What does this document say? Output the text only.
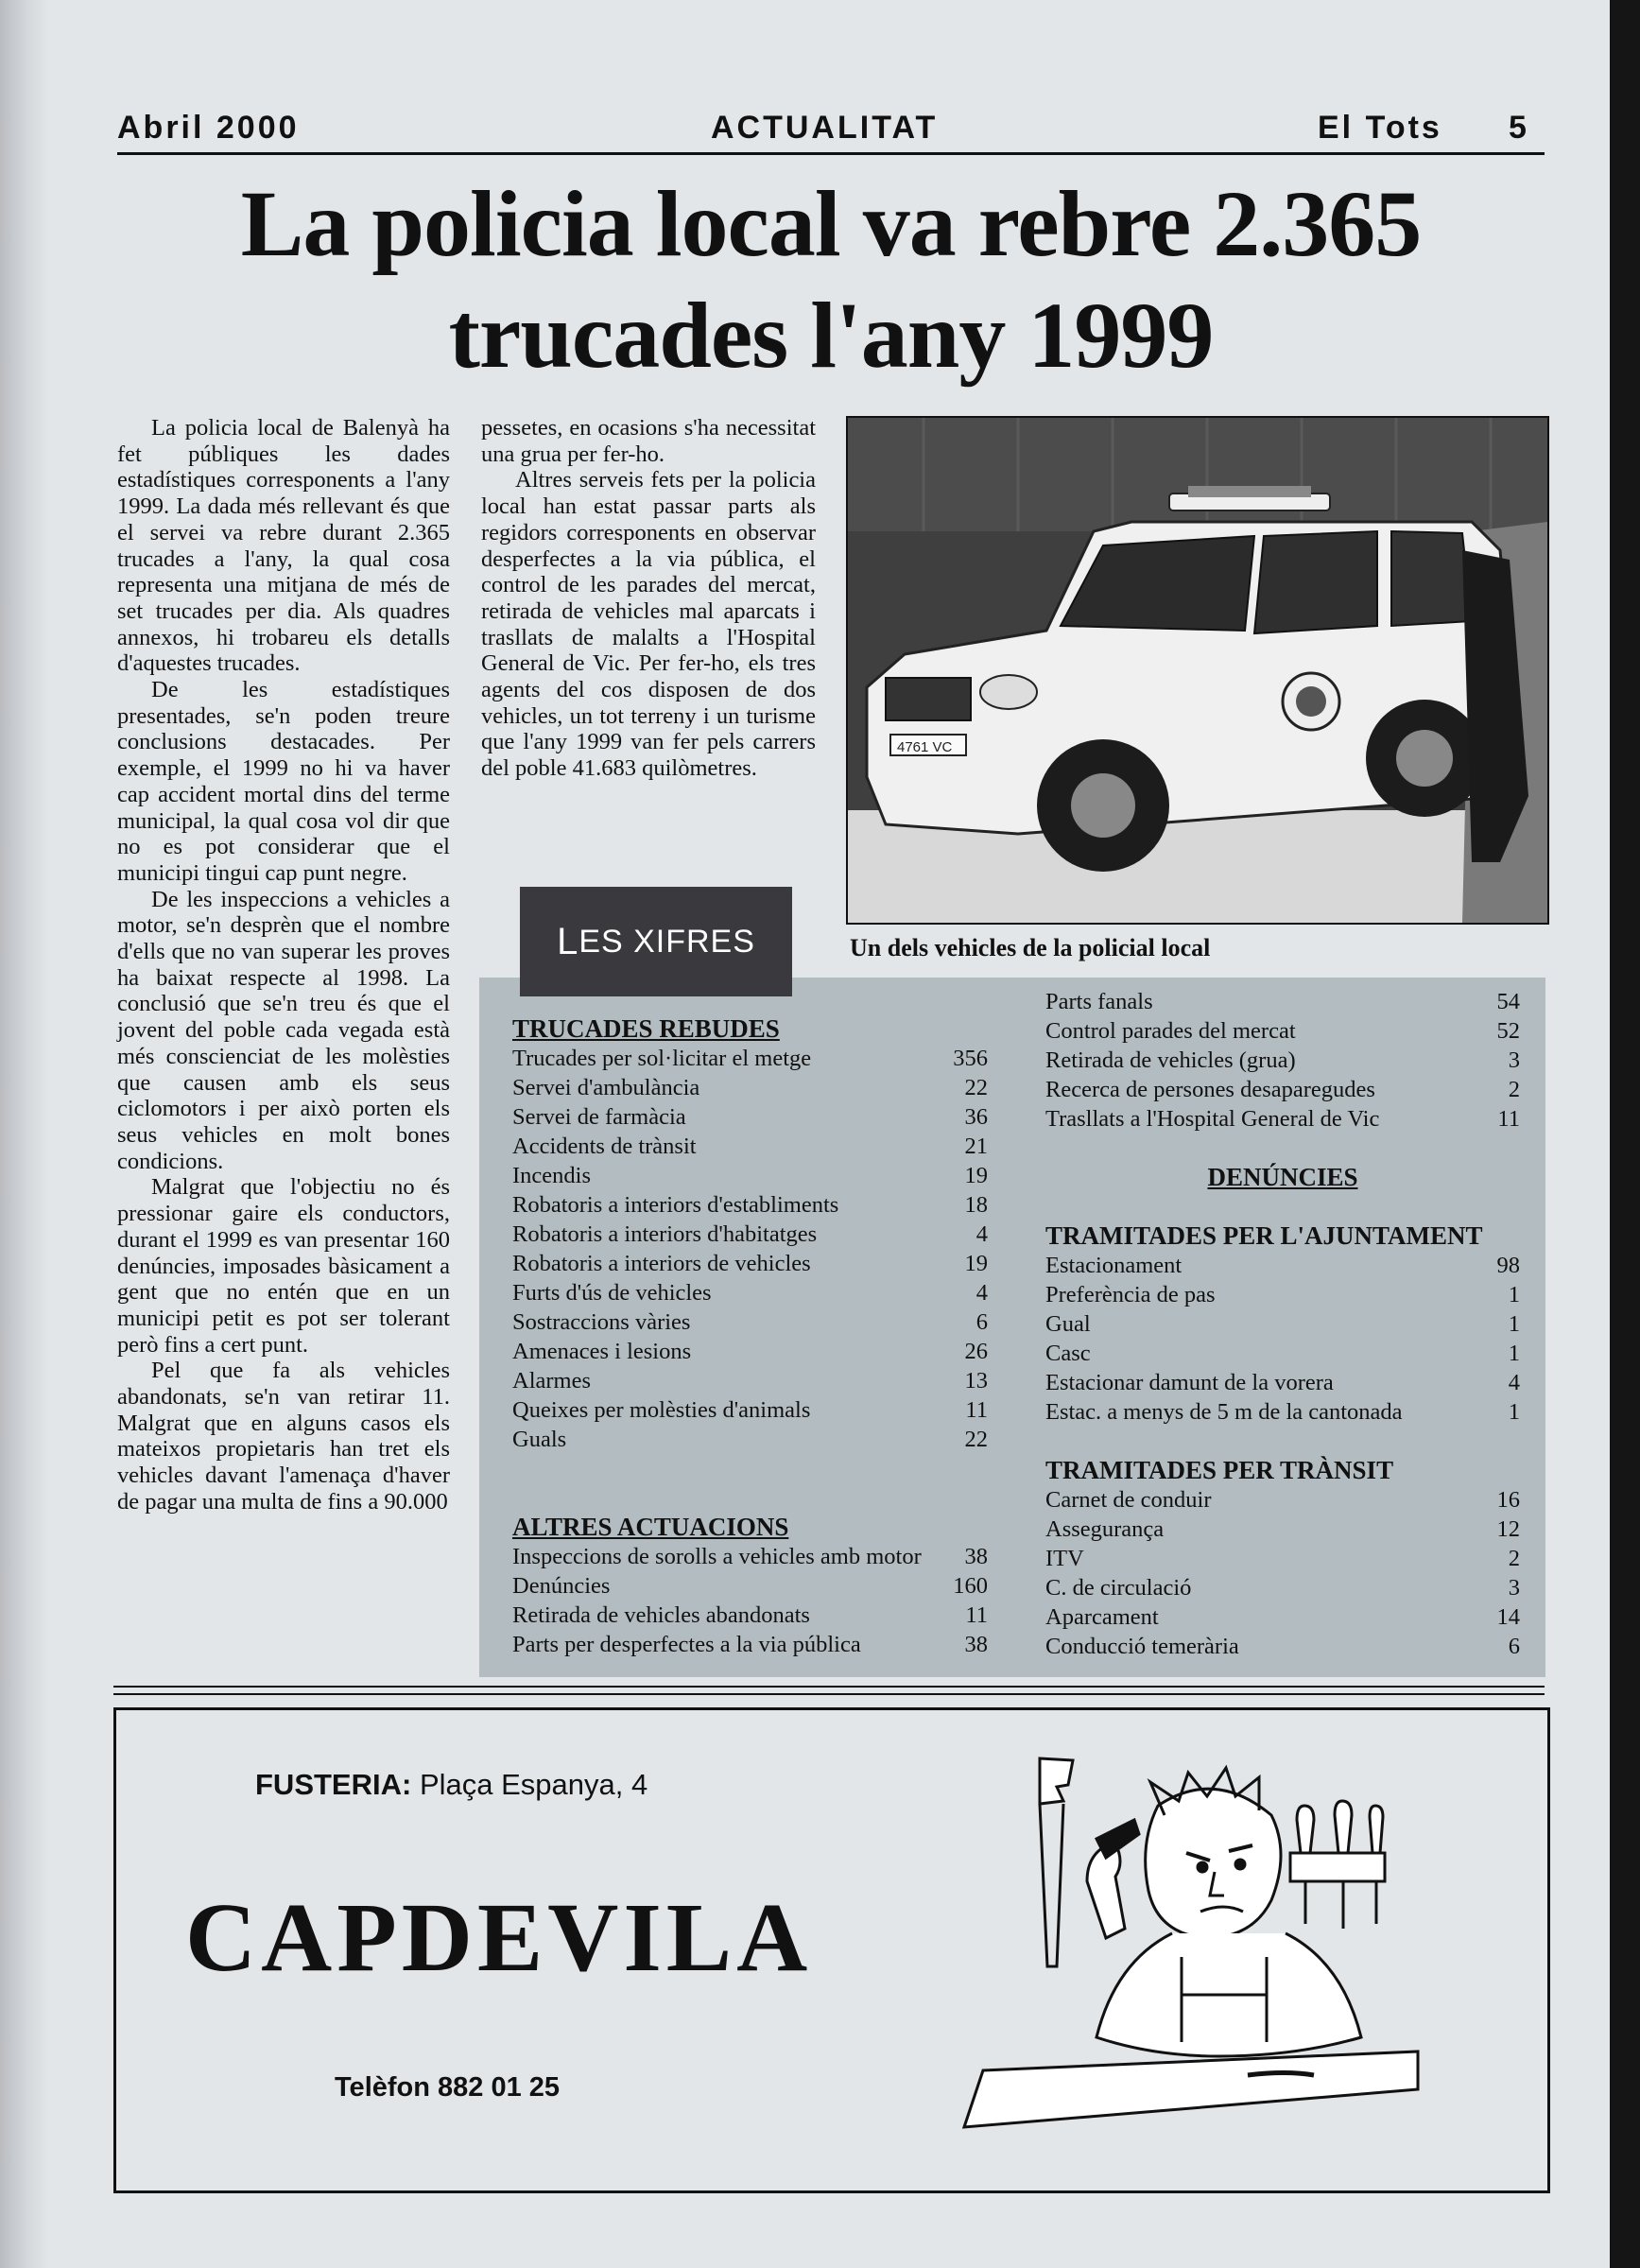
Abril 2000	ACTUALITAT	El Tots 5
La policia local va rebre 2.365
trucades l'any 1999

La policia local de Balenyà ha fet públiques les dades estadístiques corresponents a l'any 1999. La dada més rellevant és que el servei va rebre durant 2.365 trucades a l'any, la qual cosa representa una mitjana de més de set trucades per dia. Als quadres annexos, hi trobareu els detalls d'aquestes trucades.

De les estadístiques presentades, se'n poden treure conclusions destacades. Per exemple, el 1999 no hi va haver cap accident mortal dins del terme municipal, la qual cosa vol dir que no es pot considerar que el municipi tingui cap punt negre.

De les inspeccions a vehicles a motor, se'n desprèn que el nombre d'ells que no van superar les proves ha baixat respecte al 1998. La conclusió que se'n treu és que el jovent del poble cada vegada està més conscienciat de les molèsties que causen amb els seus ciclomotors i per això porten els seus vehicles en molt bones condicions.

Malgrat que l'objectiu no és pressionar gaire els conductors, durant el 1999 es van presentar 160 denúncies, imposades bàsicament a gent que no entén que en un municipi petit es pot ser tolerant però fins a cert punt.

Pel que fa als vehicles abandonats, se'n van retirar 11. Malgrat que en alguns casos els mateixos propietaris han tret els vehicles davant l'amenaça d'haver de pagar una multa de fins a 90.000

pessetes, en ocasions s'ha necessitat una grua per fer-ho.

Altres serveis fets per la policia local han estat passar parts als regidors corresponents en observar desperfectes a la via pública, el control de les parades del mercat, retirada de vehicles mal aparcats i trasllats de malalts a l'Hospital General de Vic. Per fer-ho, els tres agents del cos disposen de dos vehicles, un tot terreny i un turisme que l'any 1999 van fer pels carrers del poble 41.683 quilòmetres.

4761 VC
Un dels vehicles de la policial local
L ES XIFRES
TRUCADES REBUDES
Trucades per sol·licitar el metge	356
Servei d'ambulància	22
Servei de farmàcia	36
Accidents de trànsit	21
Incendis	19
Robatoris a interiors d'establiments	18
Robatoris a interiors d'habitatges	4
Robatoris a interiors de vehicles	19
Furts d'ús de vehicles	4
Sostraccions vàries	6
Amenaces i lesions	26
Alarmes	13
Queixes per molèsties d'animals	11
Guals	22
ALTRES ACTUACIONS
Inspeccions de sorolls a vehicles amb motor 38
Denúncies	160
Retirada de vehicles abandonats	11
Parts per desperfectes a la via pública	38
Parts fanals	54
Control parades del mercat	52
Retirada de vehicles (grua)	3
Recerca de persones desaparegudes	2
Trasllats a l'Hospital General de Vic	11
DENÚNCIES
TRAMITADES PER L'AJUNTAMENT
Estacionament	98
Preferència de pas	1
Gual	1
Casc	1
Estacionar damunt de la vorera	4
Estac. a menys de 5 m de la cantonada	1
TRAMITADES PER TRÀNSIT
Carnet de conduir	16
Assegurança	12
ITV	2
C. de circulació	3
Aparcament	14
Conducció temerària	6
FUSTERIA: Plaça Espanya, 4
CAPDEVILA
Telèfon 882 01 25
